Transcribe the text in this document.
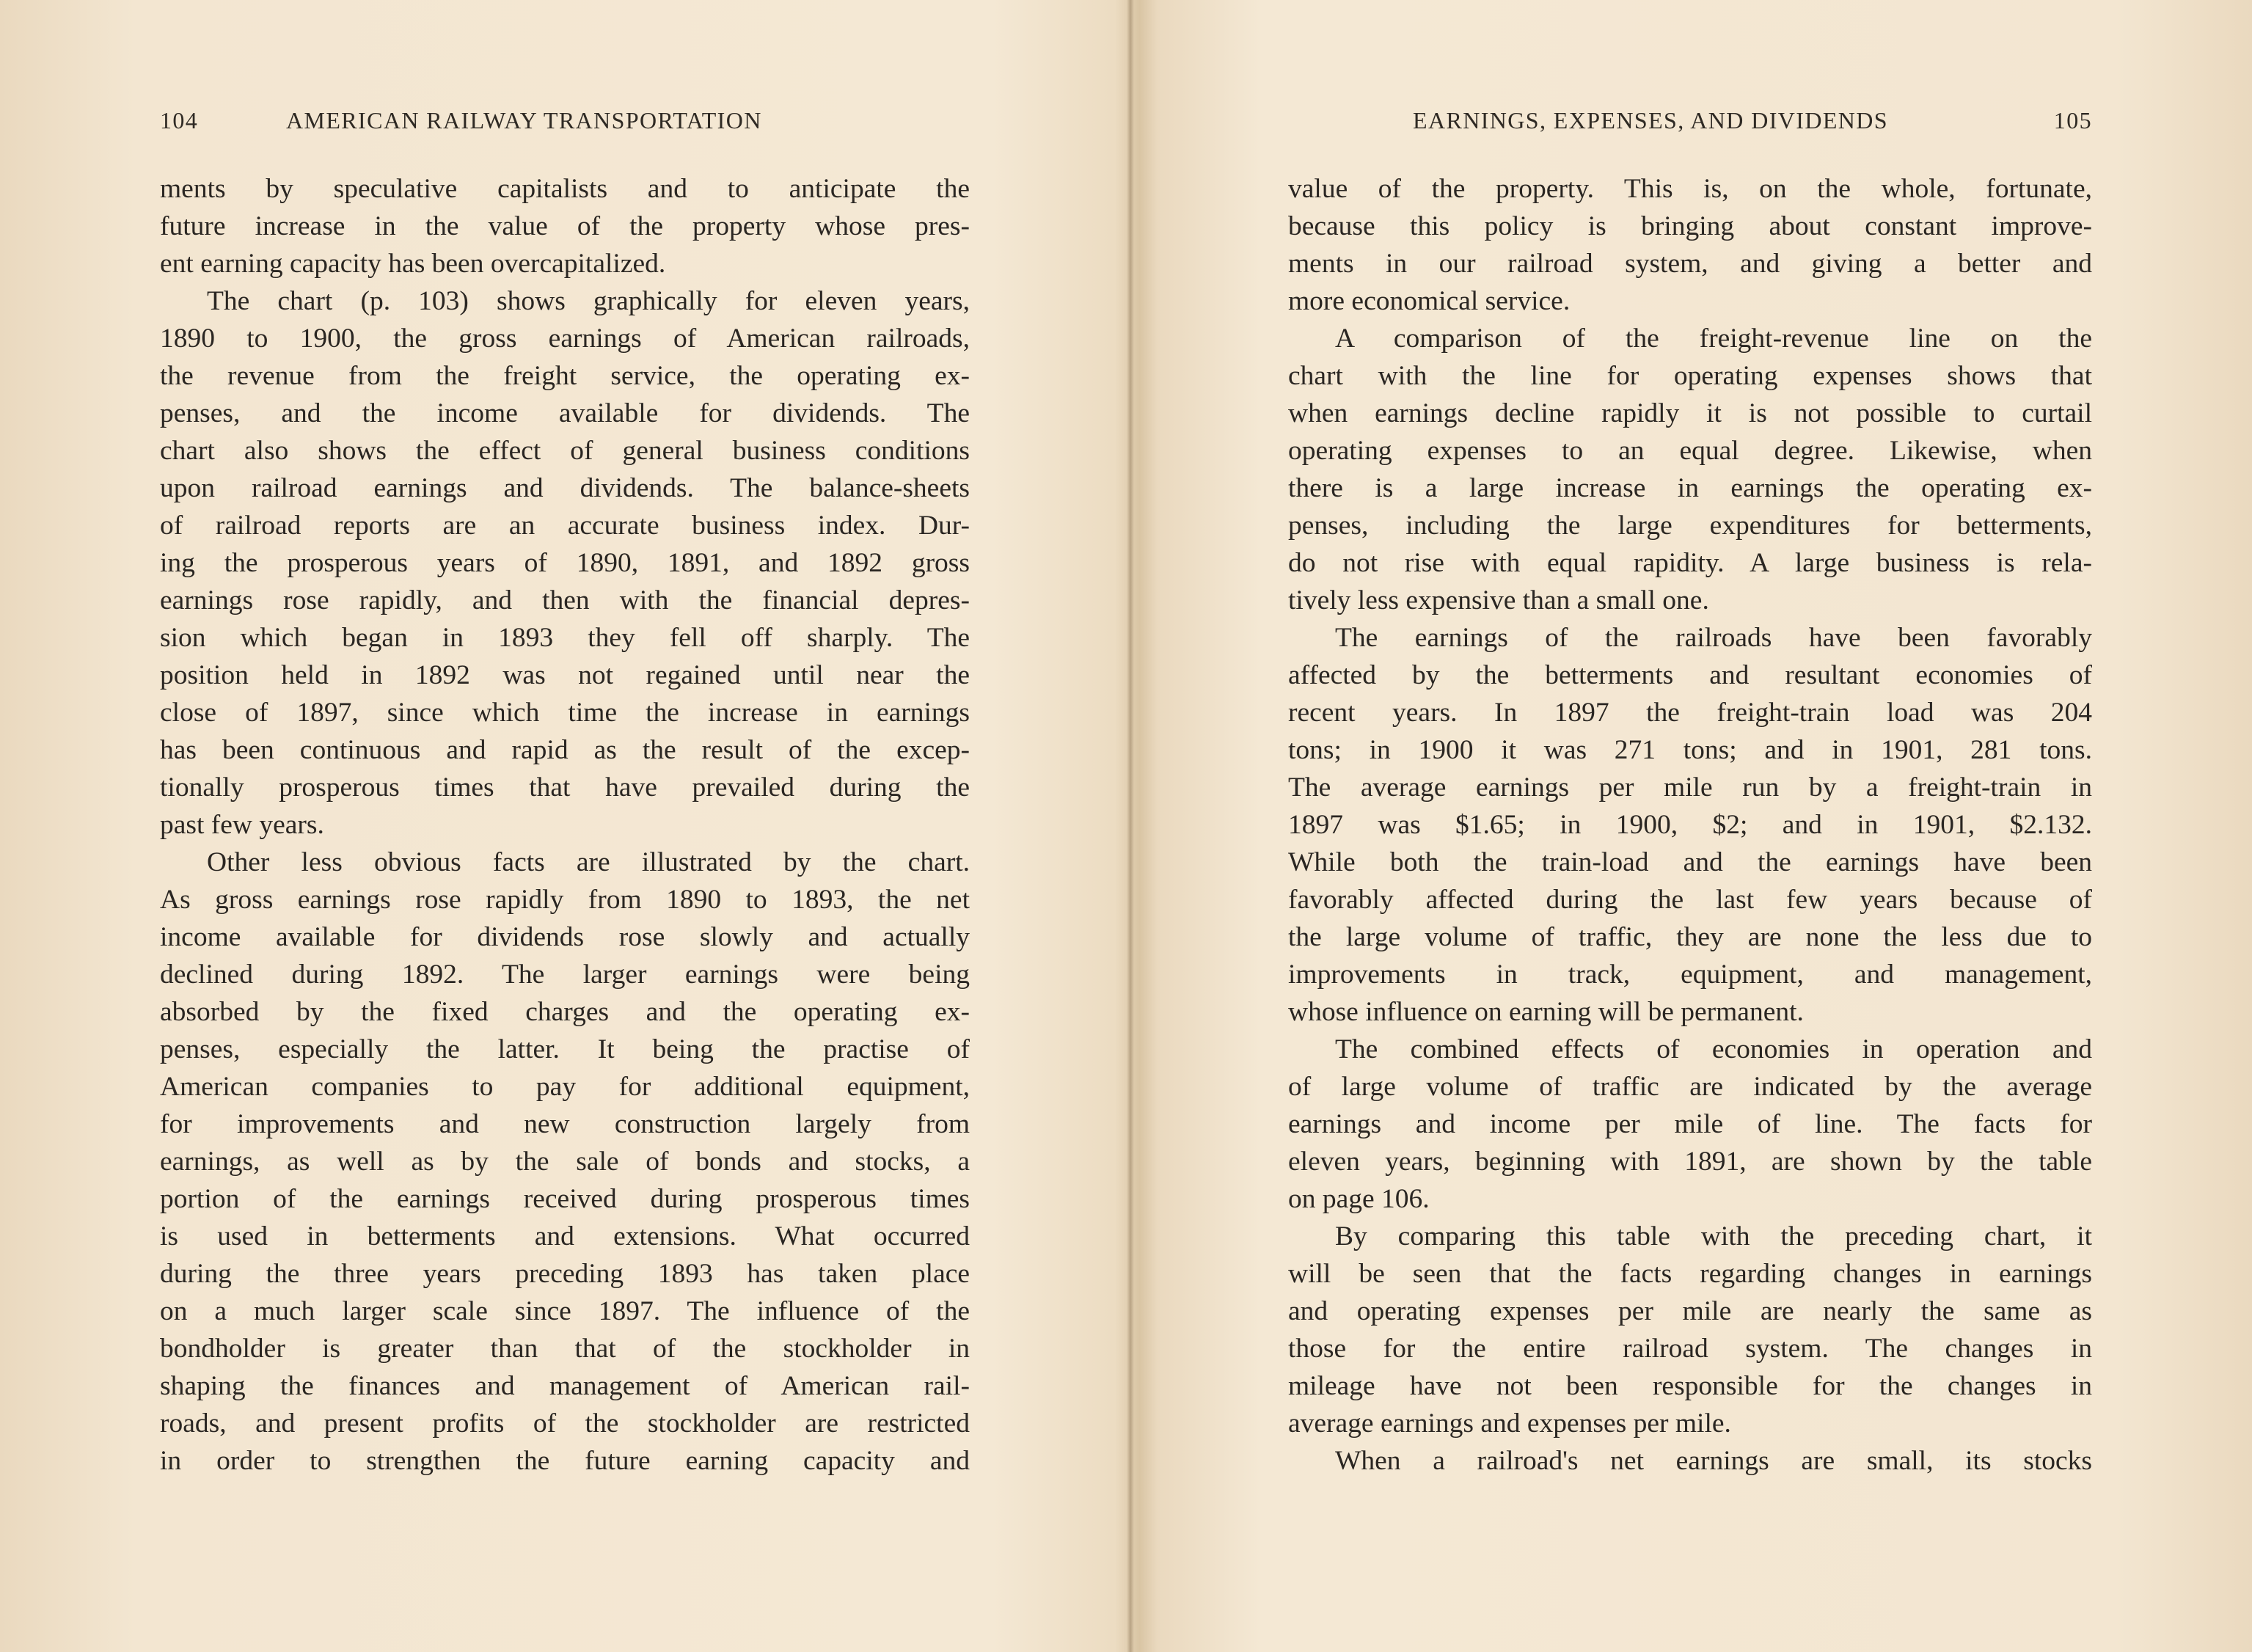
104	AMERICAN RAILWAY TRANSPORTATION
ments by speculative capitalists and to anticipate the
future increase in the value of the property whose pres-
ent earning capacity has been overcapitalized.
The chart (p. 103) shows graphically for eleven years,
1890 to 1900, the gross earnings of American railroads,
the revenue from the freight service, the operating ex-
penses, and the income available for dividends. The
chart also shows the effect of general business conditions
upon railroad earnings and dividends. The balance-sheets
of railroad reports are an accurate business index. Dur-
ing the prosperous years of 1890, 1891, and 1892 gross
earnings rose rapidly, and then with the financial depres-
sion which began in 1893 they fell off sharply. The
position held in 1892 was not regained until near the
close of 1897, since which time the increase in earnings
has been continuous and rapid as the result of the excep-
tionally prosperous times that have prevailed during the
past few years.
Other less obvious facts are illustrated by the chart.
As gross earnings rose rapidly from 1890 to 1893, the net
income available for dividends rose slowly and actually
declined during 1892. The larger earnings were being
absorbed by the fixed charges and the operating ex-
penses, especially the latter. It being the practise of
American companies to pay for additional equipment,
for improvements and new construction largely from
earnings, as well as by the sale of bonds and stocks, a
portion of the earnings received during prosperous times
is used in betterments and extensions. What occurred
during the three years preceding 1893 has taken place
on a much larger scale since 1897. The influence of the
bondholder is greater than that of the stockholder in
shaping the finances and management of American rail-
roads, and present profits of the stockholder are restricted
in order to strengthen the future earning capacity and
EARNINGS, EXPENSES, AND DIVIDENDS	105
value of the property. This is, on the whole, fortunate,
because this policy is bringing about constant improve-
ments in our railroad system, and giving a better and
more economical service.
A comparison of the freight-revenue line on the
chart with the line for operating expenses shows that
when earnings decline rapidly it is not possible to curtail
operating expenses to an equal degree. Likewise, when
there is a large increase in earnings the operating ex-
penses, including the large expenditures for betterments,
do not rise with equal rapidity. A large business is rela-
tively less expensive than a small one.
The earnings of the railroads have been favorably
affected by the betterments and resultant economies of
recent years. In 1897 the freight-train load was 204
tons; in 1900 it was 271 tons; and in 1901, 281 tons.
The average earnings per mile run by a freight-train in
1897 was $1.65; in 1900, $2; and in 1901, $2.132.
While both the train-load and the earnings have been
favorably affected during the last few years because of
the large volume of traffic, they are none the less due to
improvements in track, equipment, and management,
whose influence on earning will be permanent.
The combined effects of economies in operation and
of large volume of traffic are indicated by the average
earnings and income per mile of line. The facts for
eleven years, beginning with 1891, are shown by the table
on page 106.
By comparing this table with the preceding chart, it
will be seen that the facts regarding changes in earnings
and operating expenses per mile are nearly the same as
those for the entire railroad system. The changes in
mileage have not been responsible for the changes in
average earnings and expenses per mile.
When a railroad's net earnings are small, its stocks
